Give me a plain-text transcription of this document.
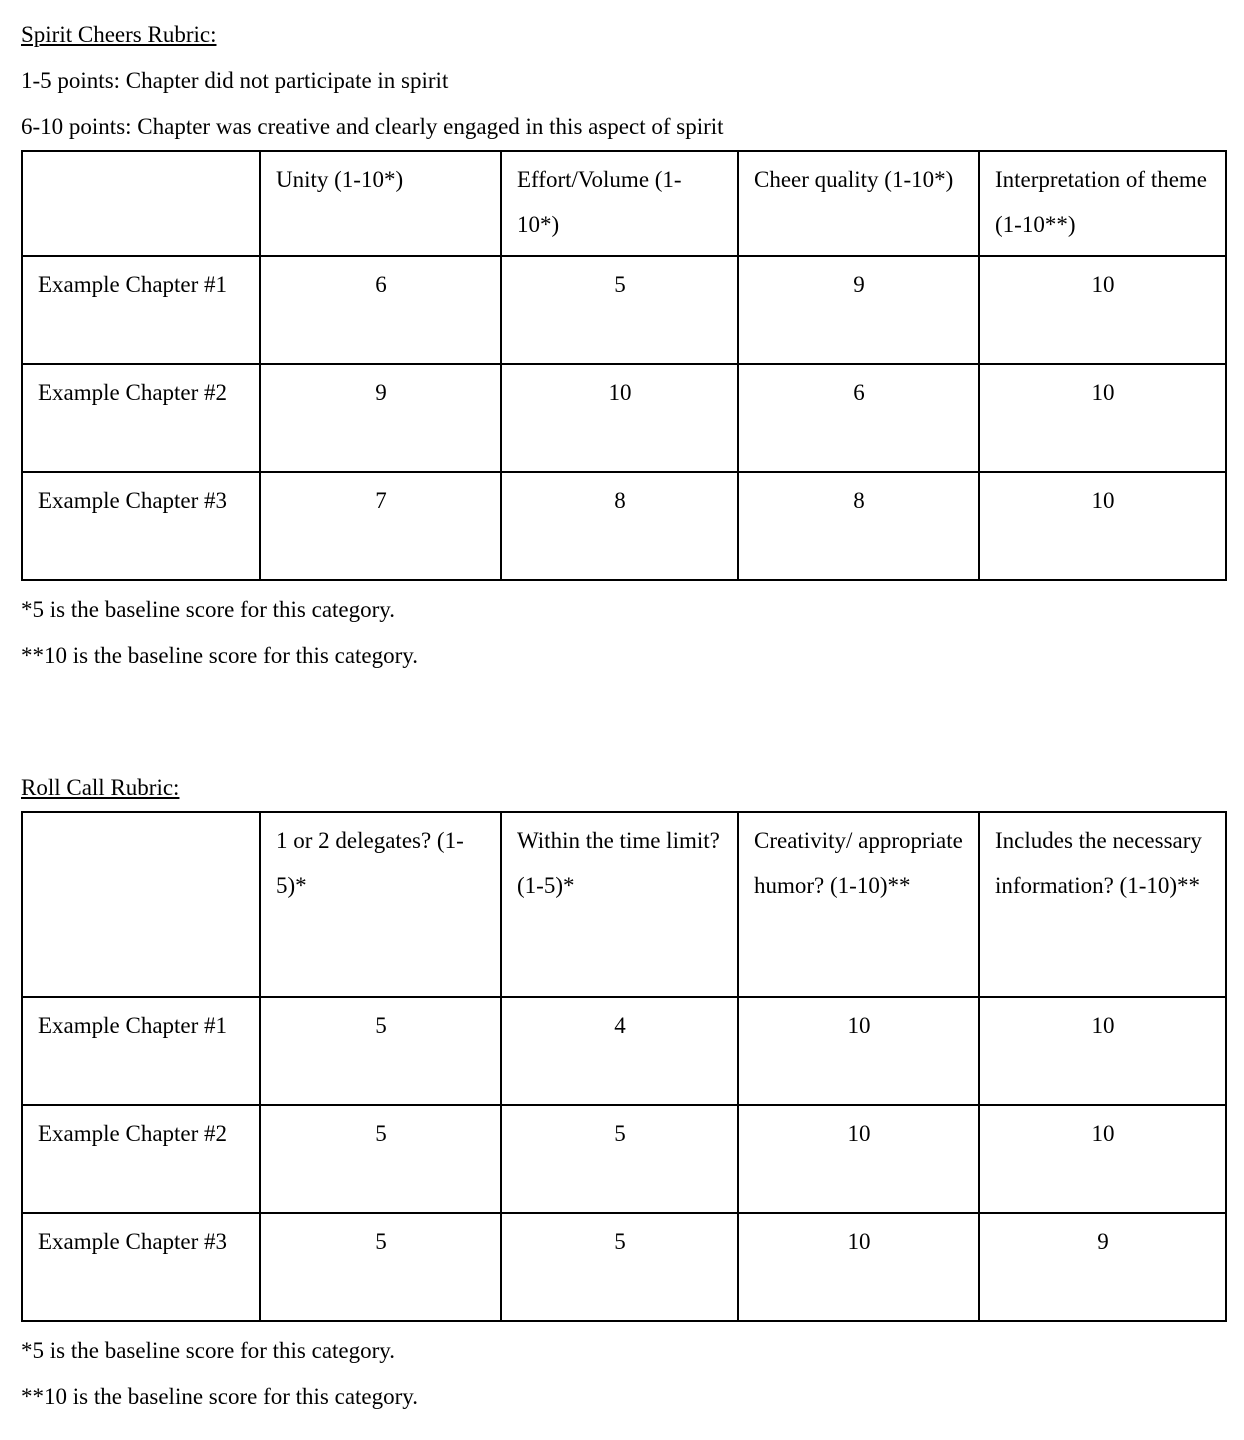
Spirit Cheers Rubric:

1-5 points: Chapter did not participate in spirit

6-10 points: Chapter was creative and clearly engaged in this aspect of spirit

	Unity (1-10*)	Effort/Volume (1-10*)	Cheer quality (1-10*)	Interpretation of theme (1-10**)
Example Chapter #1	6	5	9	10
Example Chapter #2	9	10	6	10
Example Chapter #3	7	8	8	10

*5 is the baseline score for this category.

**10 is the baseline score for this category.

Roll Call Rubric:
	1 or 2 delegates? (1-5)*	Within the time limit? (1-5)*	Creativity/ appropriate humor? (1-10)**	Includes the necessary information? (1-10)**
Example Chapter #1	5	4	10	10
Example Chapter #2	5	5	10	10
Example Chapter #3	5	5	10	9

*5 is the baseline score for this category.

**10 is the baseline score for this category.
